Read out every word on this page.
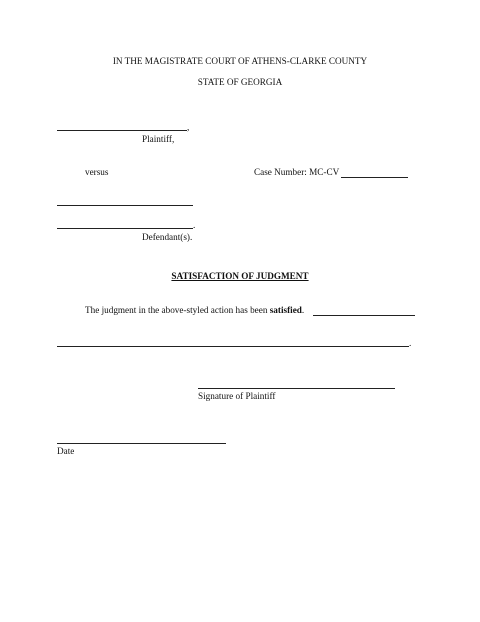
IN THE MAGISTRATE COURT OF ATHENS-CLARKE COUNTY
STATE OF GEORGIA
,
Plaintiff,
versus	Case Number: MC-CV
.
Defendant(s).
SATISFACTION OF JUDGMENT
The judgment in the above-styled action has been satisfied.
.
Signature of Plaintiff
Date
